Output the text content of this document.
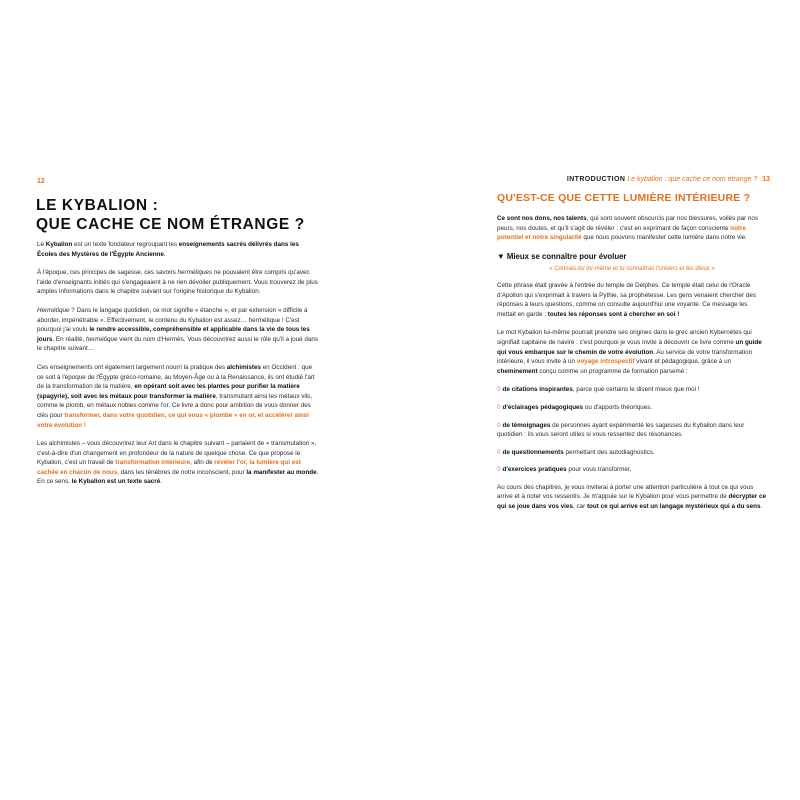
12
LE KYBALION :
QUE CACHE CE NOM ÉTRANGE ?

Le Kybalion est un texte fondateur regroupant les enseignements sacrés délivrés dans les Écoles des Mystères de l'Égypte Ancienne.

À l'époque, ces principes de sagesse, ces savoirs hermétiques ne pouvaient être compris qu'avec l'aide d'enseignants initiés qui s'engageaient à ne rien dévoiler publiquement. Vous trouverez de plus amples informations dans le chapitre suivant sur l'origine historique du Kybalion.

Hermétique ? Dans le langage quotidien, ce mot signifie « étanche », et par extension « difficile à aborder, impénétrable ». Effectivement, le contenu du Kybalion est assez… hermétique ! C'est pourquoi j'ai voulu le rendre accessible, compréhensible et applicable dans la vie de tous les jours. En réalité, hermétique vient du nom d'Hermès. Vous découvrirez aussi le rôle qu'il a joué dans le chapitre suivant…

Ces enseignements ont également largement nourri la pratique des alchimistes en Occident : que ce soit à l'époque de l'Égypte gréco-romaine, au Moyen-Âge ou à la Renaissance, ils ont étudié l'art de la transformation de la matière, en opérant soit avec les plantes pour purifier la matière (spagyrie), soit avec les métaux pour transformer la matière, transmutant ainsi les métaux vils, comme le plomb, en métaux nobles comme l'or. Ce livre a donc pour ambition de vous donner des clés pour transformer, dans votre quotidien, ce qui vous « plombe » en or, et accélérer ainsi votre évolution !

Les alchimistes – vous découvrirez leur Art dans le chapitre suivant – parlaient de « transmutation », c'est-à-dire d'un changement en profondeur de la nature de quelque chose. Ce que propose le Kybalion, c'est un travail de transformation intérieure, afin de révéler l'or, la lumière qui est cachée en chacun de nous, dans les ténèbres de notre inconscient, pour la manifester au monde. En ce sens, le Kybalion est un texte sacré.

INTRODUCTION Le kybalion : que cache ce nom étrange ? 13
QU'EST-CE QUE CETTE LUMIÈRE INTÉRIEURE ?

Ce sont nos dons, nos talents, qui sont souvent obscurcis par nos blessures, voilés par nos peurs, nos doutes, et qu'il s'agit de révéler : c'est en exprimant de façon consciente notre potentiel et notre singularité que nous pouvons manifester cette lumière dans notre vie.

▼ Mieux se connaître pour évoluer
« Connais-toi toi-même et tu connaîtras l'univers et les dieux »

Cette phrase était gravée à l'entrée du temple de Delphes. Ce temple était celui de l'Oracle d'Apollon qui s'exprimait à travers la Pythie, sa prophétesse. Les gens venaient chercher des réponses à leurs questions, comme on consulte aujourd'hui une voyante. Ce message les mettait en garde : toutes les réponses sont à chercher en soi !

Le mot Kybalion lui-même pourrait prendre ses origines dans le grec ancien Kybernètes qui signifiait capitaine de navire : c'est pourquoi je vous invite à découvrir ce livre comme un guide qui vous embarque sur le chemin de votre évolution. Au service de votre transformation intérieure, il vous invite à un voyage introspectif vivant et pédagogique, grâce à un cheminement conçu comme un programme de formation parsemé :

◊ de citations inspirantes, parce que certains le disent mieux que moi !
◊ d'éclairages pédagogiques ou d'apports théoriques.
◊ de témoignages de personnes ayant expérimenté les sagesses du Kybalion dans leur quotidien : ils vous seront utiles si vous ressentez des résonances.
◊ de questionnements permettant des autodiagnostics.
◊ d'exercices pratiques pour vous transformer.

Au cours des chapitres, je vous inviterai à porter une attention particulière à tout ce qui vous arrive et à noter vos ressentis. Je m'appuie sur le Kybalion pour vous permettre de décrypter ce qui se joue dans vos vies, car tout ce qui arrive est un langage mystérieux qui a du sens.
